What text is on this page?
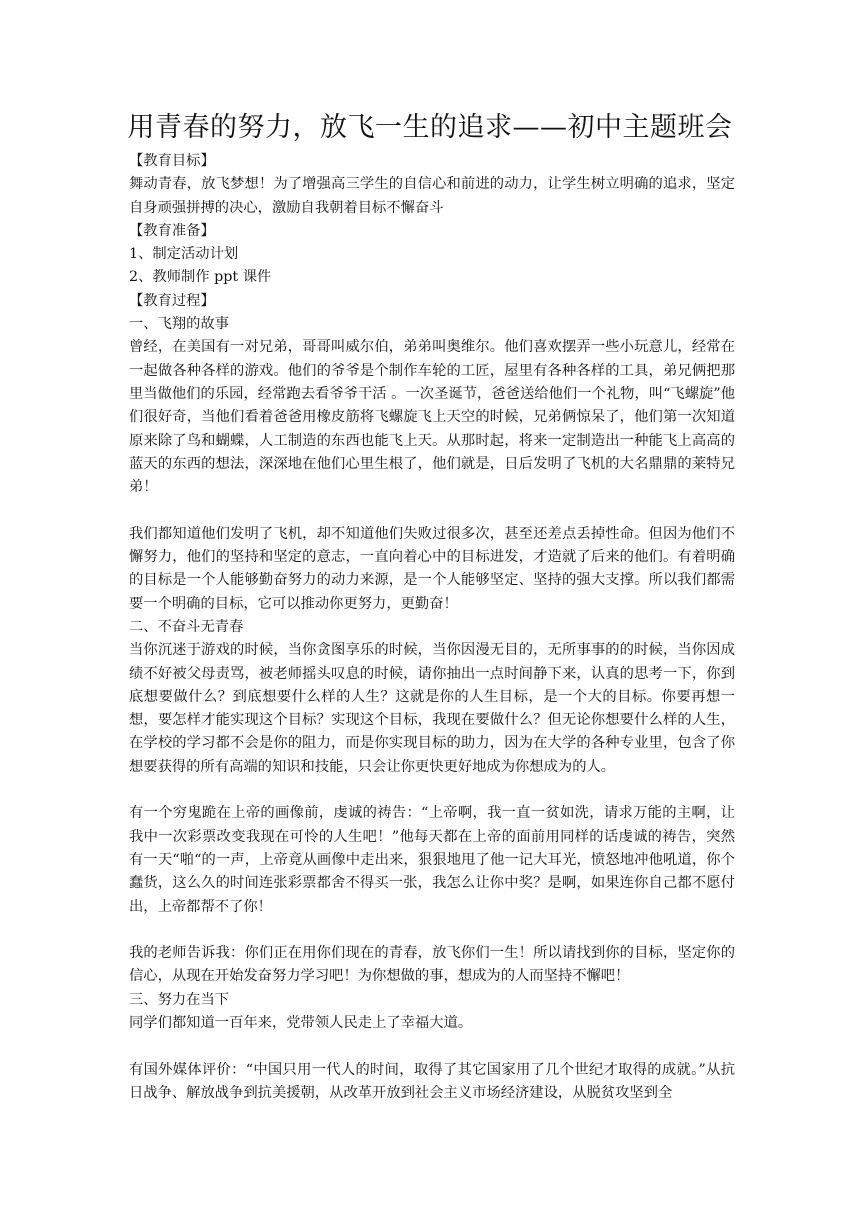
用青春的努力，放飞一生的追求——初中主题班会
【教育目标】
舞动青春，放飞梦想！为了增强高三学生的自信心和前进的动力，让学生树立明确的追求，坚定自身顽强拼搏的决心，激励自我朝着目标不懈奋斗
【教育准备】
1、制定活动计划
2、教师制作 ppt 课件
【教育过程】
一、飞翔的故事
曾经，在美国有一对兄弟，哥哥叫威尔伯，弟弟叫奥维尔。他们喜欢摆弄一些小玩意儿，经常在一起做各种各样的游戏。他们的爷爷是个制作车轮的工匠，屋里有各种各样的工具，弟兄俩把那里当做他们的乐园，经常跑去看爷爷干活 。一次圣诞节，爸爸送给他们一个礼物，叫“飞螺旋”他们很好奇，当他们看着爸爸用橡皮筋将飞螺旋飞上天空的时候，兄弟俩惊呆了，他们第一次知道原来除了鸟和蝴蝶，人工制造的东西也能飞上天。从那时起，将来一定制造出一种能飞上高高的蓝天的东西的想法，深深地在他们心里生根了，他们就是，日后发明了飞机的大名鼎鼎的莱特兄弟！
我们都知道他们发明了飞机，却不知道他们失败过很多次，甚至还差点丢掉性命。但因为他们不懈努力，他们的坚持和坚定的意志，一直向着心中的目标进发，才造就了后来的他们。有着明确的目标是一个人能够勤奋努力的动力来源，是一个人能够坚定、坚持的强大支撑。所以我们都需要一个明确的目标，它可以推动你更努力，更勤奋！
二、不奋斗无青春
当你沉迷于游戏的时候，当你贪图享乐的时候，当你因漫无目的，无所事事的的时候，当你因成绩不好被父母责骂，被老师摇头叹息的时候，请你抽出一点时间静下来，认真的思考一下，你到底想要做什么？到底想要什么样的人生？这就是你的人生目标，是一个大的目标。你要再想一想，要怎样才能实现这个目标？实现这个目标，我现在要做什么？但无论你想要什么样的人生，在学校的学习都不会是你的阻力，而是你实现目标的助力，因为在大学的各种专业里，包含了你想要获得的所有高端的知识和技能，只会让你更快更好地成为你想成为的人。
有一个穷鬼跪在上帝的画像前，虔诚的祷告：“上帝啊，我一直一贫如洗，请求万能的主啊，让我中一次彩票改变我现在可怜的人生吧！”他每天都在上帝的面前用同样的话虔诚的祷告，突然有一天“啪“的一声，上帝竟从画像中走出来，狠狠地甩了他一记大耳光，愤怒地冲他吼道，你个蠢货，这么久的时间连张彩票都舍不得买一张，我怎么让你中奖？是啊，如果连你自己都不愿付出，上帝都帮不了你！
我的老师告诉我：你们正在用你们现在的青春，放飞你们一生！所以请找到你的目标，坚定你的信心，从现在开始发奋努力学习吧！为你想做的事，想成为的人而坚持不懈吧！
三、努力在当下
同学们都知道一百年来，党带领人民走上了幸福大道。
有国外媒体评价：“中国只用一代人的时间，取得了其它国家用了几个世纪才取得的成就。”从抗日战争、解放战争到抗美援朝，从改革开放到社会主义市场经济建设，从脱贫攻坚到全
